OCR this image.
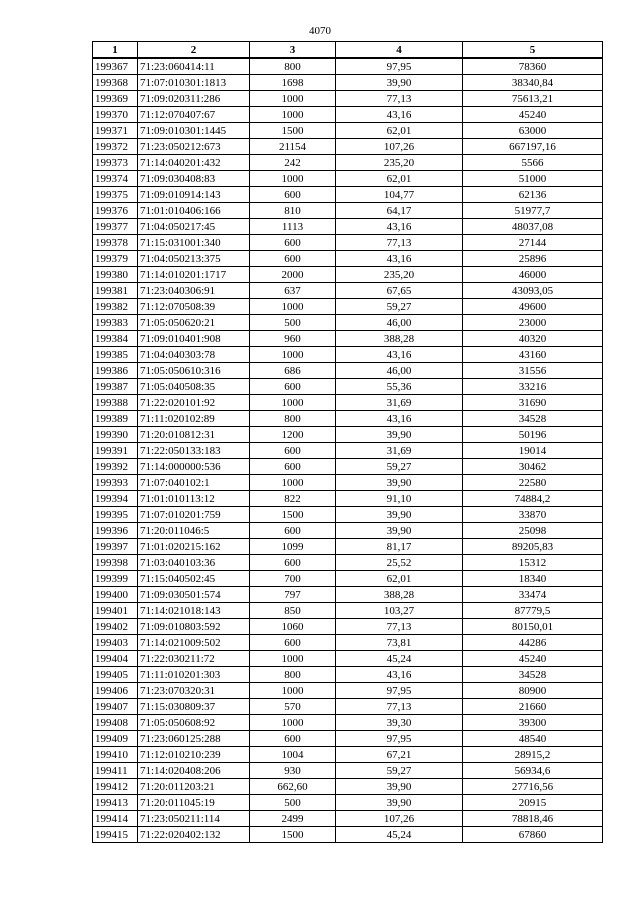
4070
1	2	3	4	5
199367	71:23:060414:11	800	97,95	78360
199368	71:07:010301:1813	1698	39,90	38340,84
199369	71:09:020311:286	1000	77,13	75613,21
199370	71:12:070407:67	1000	43,16	45240
199371	71:09:010301:1445	1500	62,01	63000
199372	71:23:050212:673	21154	107,26	667197,16
199373	71:14:040201:432	242	235,20	5566
199374	71:09:030408:83	1000	62,01	51000
199375	71:09:010914:143	600	104,77	62136
199376	71:01:010406:166	810	64,17	51977,7
199377	71:04:050217:45	1113	43,16	48037,08
199378	71:15:031001:340	600	77,13	27144
199379	71:04:050213:375	600	43,16	25896
199380	71:14:010201:1717	2000	235,20	46000
199381	71:23:040306:91	637	67,65	43093,05
199382	71:12:070508:39	1000	59,27	49600
199383	71:05:050620:21	500	46,00	23000
199384	71:09:010401:908	960	388,28	40320
199385	71:04:040303:78	1000	43,16	43160
199386	71:05:050610:316	686	46,00	31556
199387	71:05:040508:35	600	55,36	33216
199388	71:22:020101:92	1000	31,69	31690
199389	71:11:020102:89	800	43,16	34528
199390	71:20:010812:31	1200	39,90	50196
199391	71:22:050133:183	600	31,69	19014
199392	71:14:000000:536	600	59,27	30462
199393	71:07:040102:1	1000	39,90	22580
199394	71:01:010113:12	822	91,10	74884,2
199395	71:07:010201:759	1500	39,90	33870
199396	71:20:011046:5	600	39,90	25098
199397	71:01:020215:162	1099	81,17	89205,83
199398	71:03:040103:36	600	25,52	15312
199399	71:15:040502:45	700	62,01	18340
199400	71:09:030501:574	797	388,28	33474
199401	71:14:021018:143	850	103,27	87779,5
199402	71:09:010803:592	1060	77,13	80150,01
199403	71:14:021009:502	600	73,81	44286
199404	71:22:030211:72	1000	45,24	45240
199405	71:11:010201:303	800	43,16	34528
199406	71:23:070320:31	1000	97,95	80900
199407	71:15:030809:37	570	77,13	21660
199408	71:05:050608:92	1000	39,30	39300
199409	71:23:060125:288	600	97,95	48540
199410	71:12:010210:239	1004	67,21	28915,2
199411	71:14:020408:206	930	59,27	56934,6
199412	71:20:011203:21	662,60	39,90	27716,56
199413	71:20:011045:19	500	39,90	20915
199414	71:23:050211:114	2499	107,26	78818,46
199415	71:22:020402:132	1500	45,24	67860
